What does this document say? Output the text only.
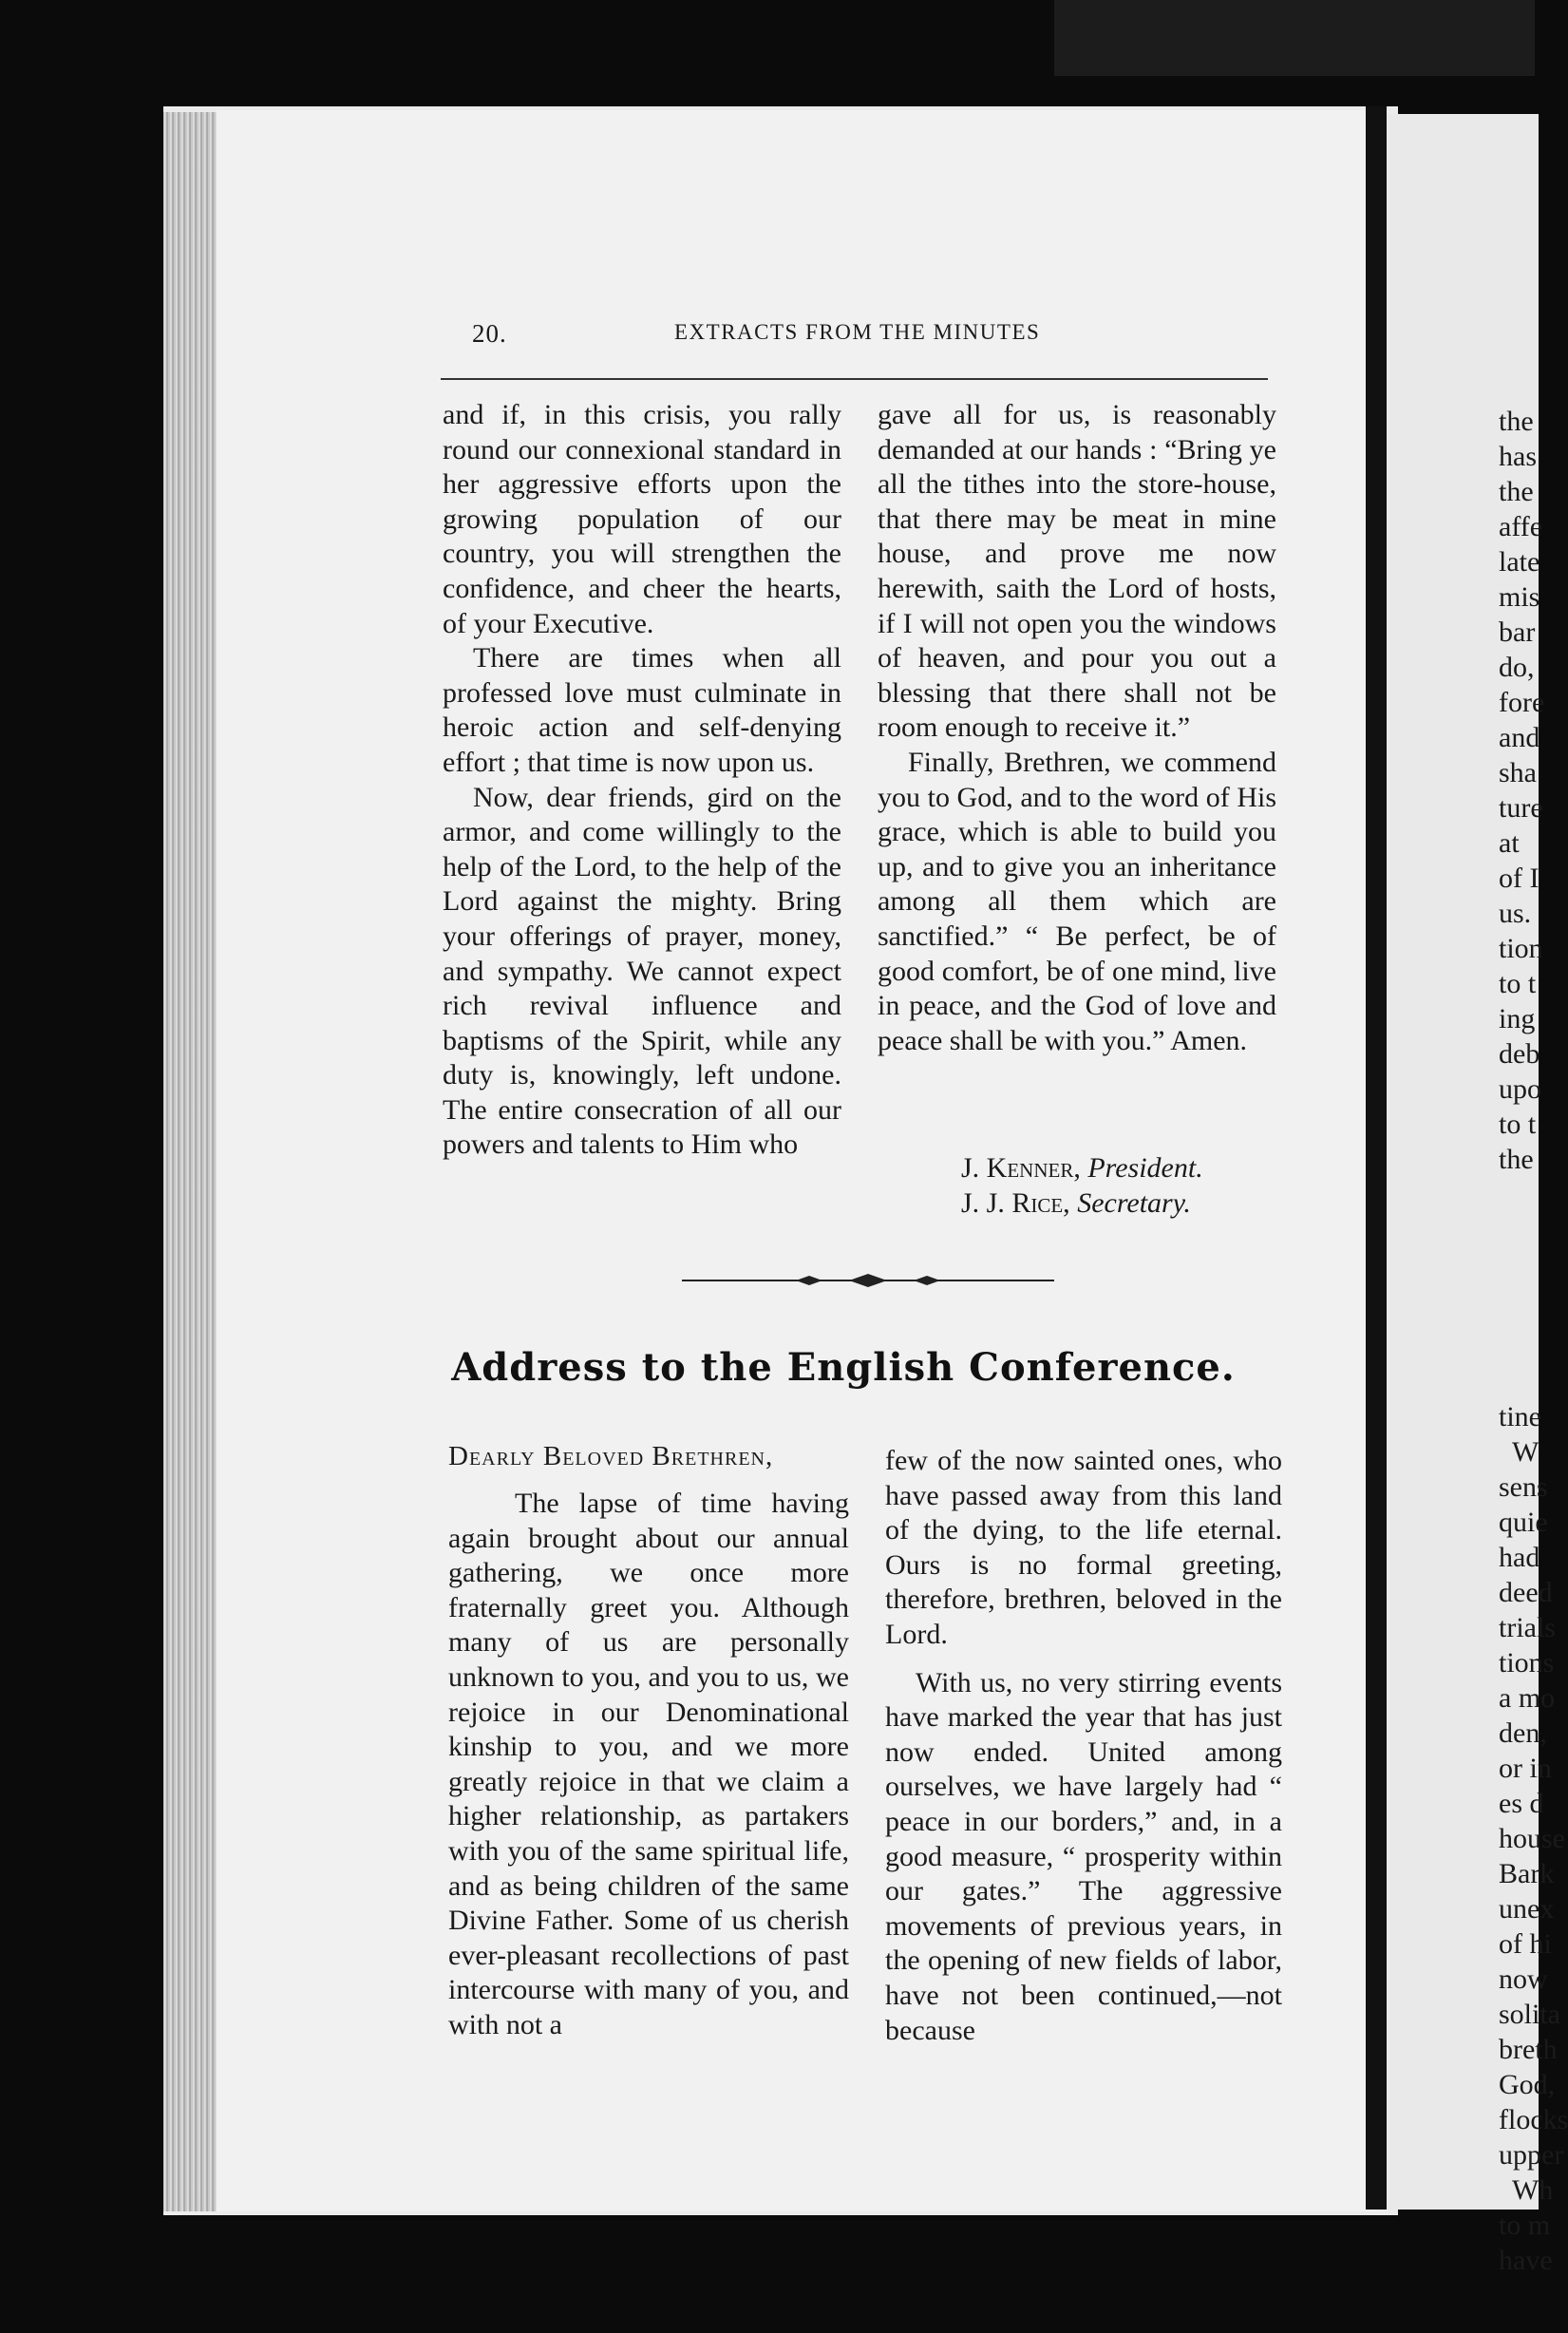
the
has
the
affe
late
mis
bar
do,
fore
and
sha
ture
at
of I
us.
tion
to t
ing
deb
upo
to t
the
tine
W
sens
quie
had
deed
trials
tions
a mo
den,
or in
es d
house
Bark
unex
of hi
now
solita
breth
God,
flocks
upper
Wh
to m
have
20.	EXTRACTS FROM THE MINUTES

and if, in this crisis, you rally round our connexional standard in her aggressive efforts upon the growing population of our country, you will strengthen the confidence, and cheer the hearts, of your Executive.

There are times when all professed love must culminate in heroic action and self-denying effort ; that time is now upon us.

Now, dear friends, gird on the armor, and come willingly to the help of the Lord, to the help of the Lord against the mighty. Bring your offerings of prayer, money, and sympathy. We cannot expect rich revival influence and baptisms of the Spirit, while any duty is, knowingly, left undone. The entire consecration of all our powers and talents to Him who

gave all for us, is reasonably demanded at our hands : “Bring ye all the tithes into the store-house, that there may be meat in mine house, and prove me now herewith, saith the Lord of hosts, if I will not open you the windows of heaven, and pour you out a blessing that there shall not be room enough to receive it.”

Finally, Brethren, we commend you to God, and to the word of His grace, which is able to build you up, and to give you an inheritance among all them which are sanctified.” “ Be perfect, be of good comfort, be of one mind, live in peace, and the God of love and peace shall be with you.” Amen.

J. Kenner, President.
J. J. Rice, Secretary.
Address to the English Conference.
Dearly Beloved Brethren,

The lapse of time having again brought about our annual gathering, we once more fraternally greet you. Although many of us are personally unknown to you, and you to us, we rejoice in our Denominational kinship to you, and we more greatly rejoice in that we claim a higher relationship, as partakers with you of the same spiritual life, and as being children of the same Divine Father. Some of us cherish ever-pleasant recollections of past intercourse with many of you, and with not a

few of the now sainted ones, who have passed away from this land of the dying, to the life eternal. Ours is no formal greeting, therefore, brethren, beloved in the Lord.

With us, no very stirring events have marked the year that has just now ended. United among ourselves, we have largely had “ peace in our borders,” and, in a good measure, “ prosperity within our gates.” The aggressive movements of previous years, in the opening of new fields of labor, have not been continued,—not because
